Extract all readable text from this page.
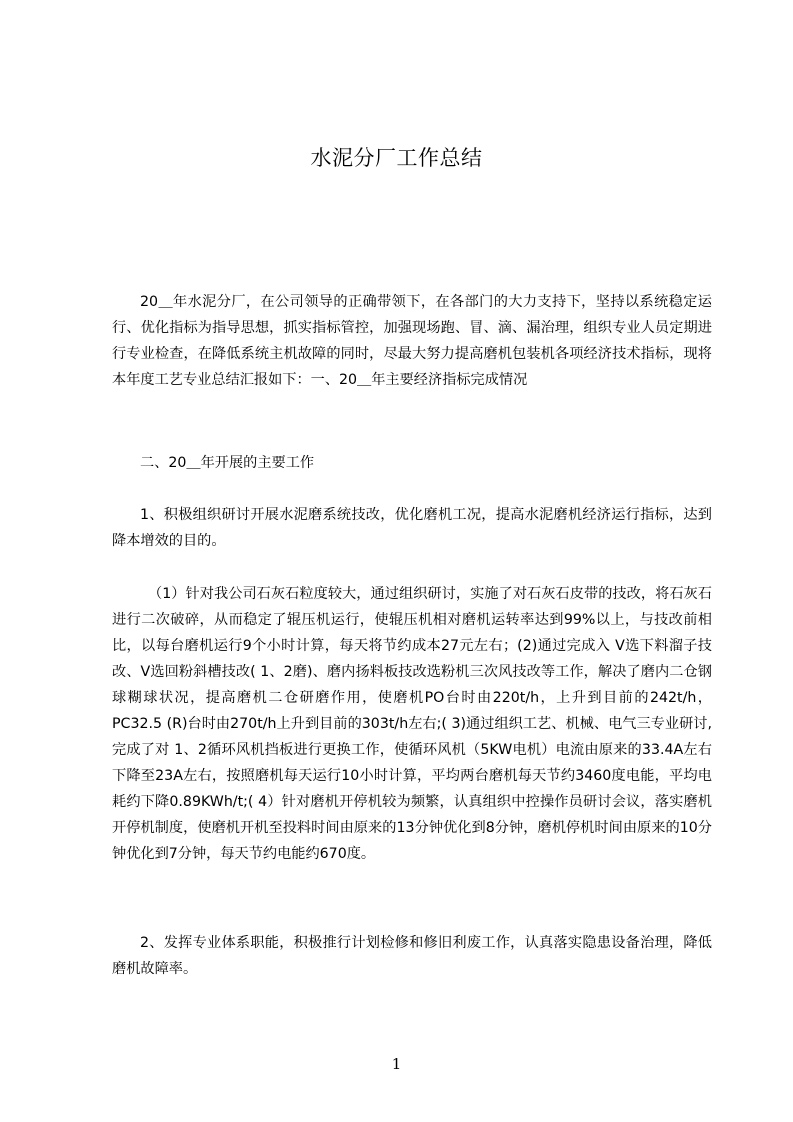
水泥分厂工作总结

20＿年水泥分厂，在公司领导的正确带领下，在各部门的大力支持下，坚持以系统稳定运行、优化指标为指导思想，抓实指标管控，加强现场跑、冒、滴、漏治理，组织专业人员定期进行专业检查，在降低系统主机故障的同时，尽最大努力提高磨机包装机各项经济技术指标，现将本年度工艺专业总结汇报如下：一、20＿年主要经济指标完成情况

二、20＿年开展的主要工作

1、积极组织研讨开展水泥磨系统技改，优化磨机工况，提高水泥磨机经济运行指标，达到降本增效的目的。

（1）针对我公司石灰石粒度较大，通过组织研讨，实施了对石灰石皮带的技改，将石灰石进行二次破碎，从而稳定了辊压机运行，使辊压机相对磨机运转率达到99%以上，与技改前相比，以每台磨机运行9个小时计算，每天将节约成本27元左右；(2)通过完成入 V选下料溜子技改、V选回粉斜槽技改( 1、2磨)、磨内扬料板技改选粉机三次风技改等工作，解决了磨内二仓钢球糊球状况，提高磨机二仓研磨作用，使磨机PO台时由220t/h，上升到目前的242t/h，PC32.5 (R)台时由270t/h上升到目前的303t/h左右;( 3)通过组织工艺、机械、电气三专业研讨,完成了对 1、2循环风机挡板进行更换工作，使循环风机（5KW电机）电流由原来的33.4A左右下降至23A左右，按照磨机每天运行10小时计算，平均两台磨机每天节约3460度电能，平均电耗约下降0.89KWh/t;( 4）针对磨机开停机较为频繁，认真组织中控操作员研讨会议，落实磨机开停机制度，使磨机开机至投料时间由原来的13分钟优化到8分钟，磨机停机时间由原来的10分钟优化到7分钟，每天节约电能约670度。

2、发挥专业体系职能，积极推行计划检修和修旧利废工作，认真落实隐患设备治理，降低磨机故障率。

1
